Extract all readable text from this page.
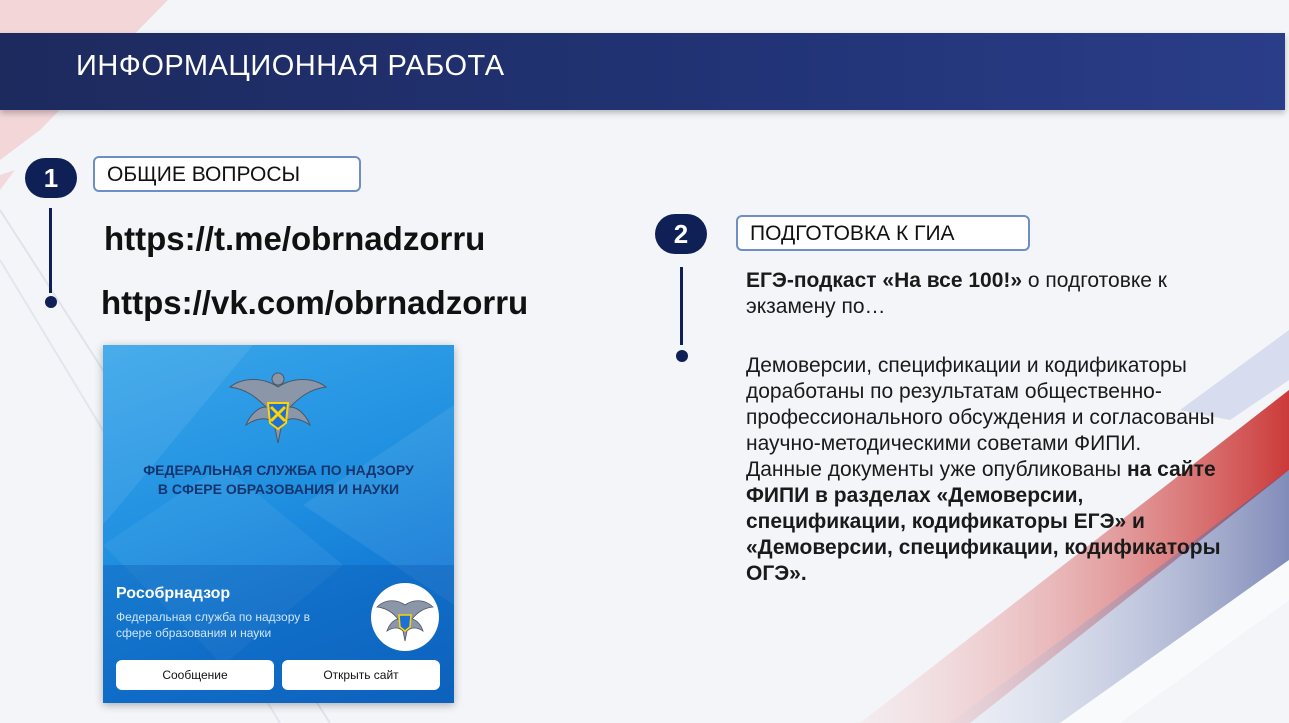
ИНФОРМАЦИОННАЯ РАБОТА
1	ОБЩИЕ ВОПРОСЫ
https://t.me/obrnadzorru
https://vk.com/obrnadzorru
ФЕДЕРАЛЬНАЯ СЛУЖБА ПО НАДЗОРУ
В СФЕРЕ ОБРАЗОВАНИЯ И НАУКИ
Рособрнадзор
Федеральная служба по надзору в сфере образования и науки
Сообщение	Открыть сайт
2	ПОДГОТОВКА К ГИА
ЕГЭ-подкаст «На все 100!» о подготовке к экзамену по…
Демоверсии, спецификации и кодификаторы доработаны по результатам общественно-профессионального обсуждения и согласованы научно-методическими советами ФИПИ.
Данные документы уже опубликованы на сайте ФИПИ в разделах «Демоверсии, спецификации, кодификаторы ЕГЭ» и «Демоверсии, спецификации, кодификаторы ОГЭ».
